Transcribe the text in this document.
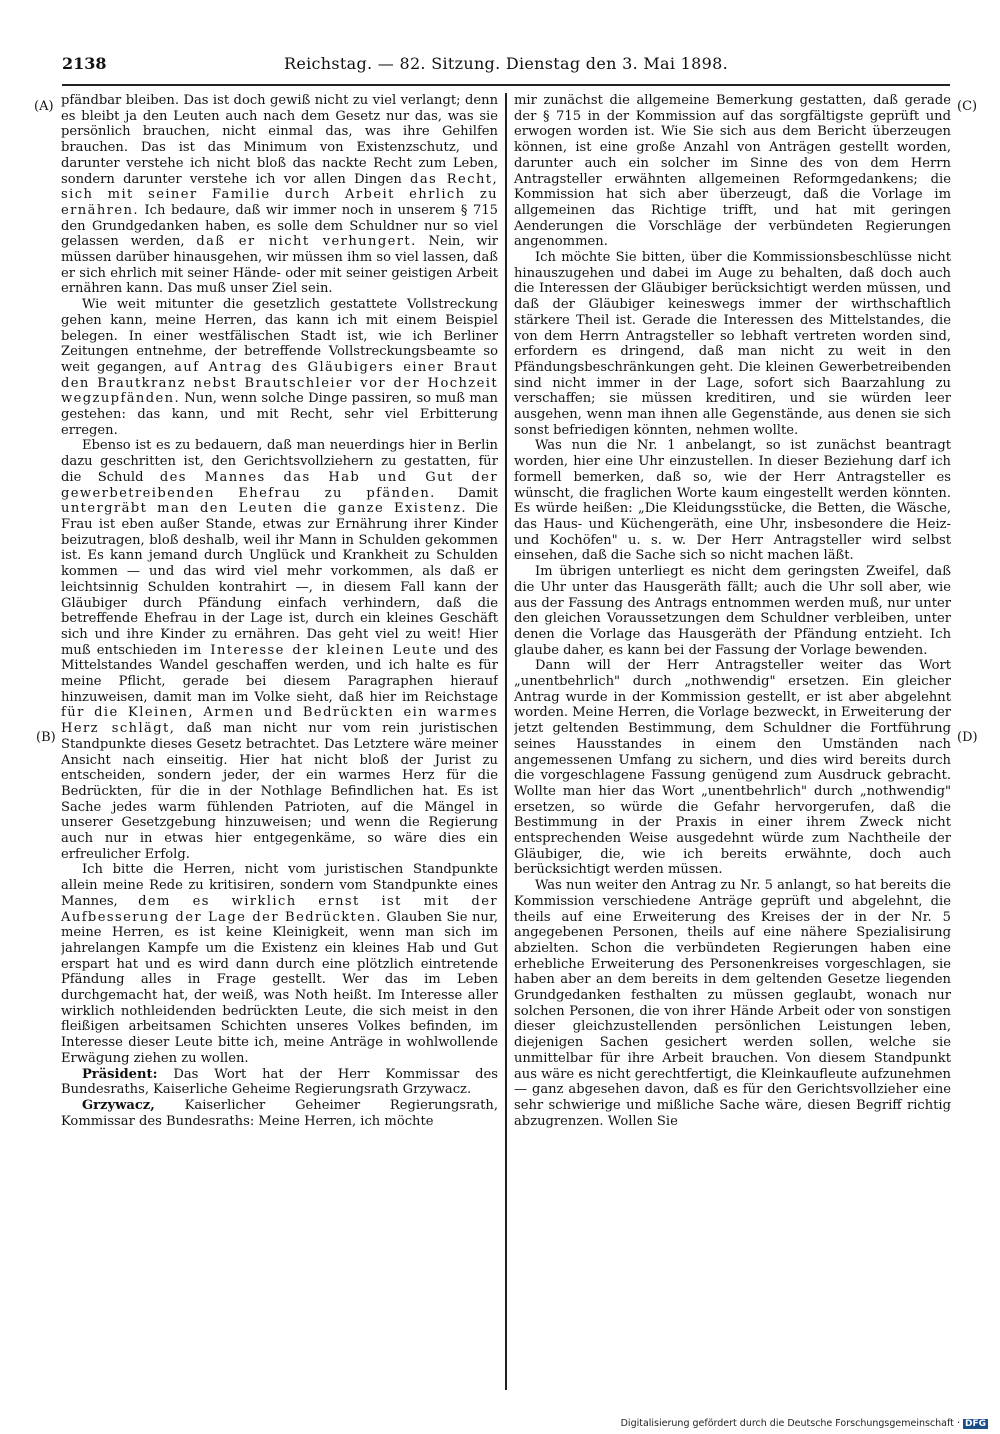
2138	Reichstag. — 82. Sitzung. Dienstag den 3. Mai 1898.
(A)
(B)
(C)
(D)

pfändbar bleiben. Das ist doch gewiß nicht zu viel verlangt; denn es bleibt ja den Leuten auch nach dem Gesetz nur das, was sie persönlich brauchen, nicht einmal das, was ihre Gehilfen brauchen. Das ist das Minimum von Existenzschutz, und darunter verstehe ich nicht bloß das nackte Recht zum Leben, sondern darunter verstehe ich vor allen Dingen das Recht, sich mit seiner Familie durch Arbeit ehrlich zu ernähren. Ich bedaure, daß wir immer noch in unserem § 715 den Grundgedanken haben, es solle dem Schuldner nur so viel gelassen werden, daß er nicht verhungert. Nein, wir müssen darüber hinausgehen, wir müssen ihm so viel lassen, daß er sich ehrlich mit seiner Hände- oder mit seiner geistigen Arbeit ernähren kann. Das muß unser Ziel sein.

Wie weit mitunter die gesetzlich gestattete Vollstreckung gehen kann, meine Herren, das kann ich mit einem Beispiel belegen. In einer westfälischen Stadt ist, wie ich Berliner Zeitungen entnehme, der betreffende Vollstreckungsbeamte so weit gegangen, auf Antrag des Gläubigers einer Braut den Brautkranz nebst Brautschleier vor der Hochzeit wegzupfänden. Nun, wenn solche Dinge passiren, so muß man gestehen: das kann, und mit Recht, sehr viel Erbitterung erregen.

Ebenso ist es zu bedauern, daß man neuerdings hier in Berlin dazu geschritten ist, den Gerichtsvollziehern zu gestatten, für die Schuld des Mannes das Hab und Gut der gewerbetreibenden Ehefrau zu pfänden. Damit untergräbt man den Leuten die ganze Existenz. Die Frau ist eben außer Stande, etwas zur Ernährung ihrer Kinder beizutragen, bloß deshalb, weil ihr Mann in Schulden gekommen ist. Es kann jemand durch Unglück und Krankheit zu Schulden kommen — und das wird viel mehr vorkommen, als daß er leichtsinnig Schulden kontrahirt —, in diesem Fall kann der Gläubiger durch Pfändung einfach verhindern, daß die betreffende Ehefrau in der Lage ist, durch ein kleines Geschäft sich und ihre Kinder zu ernähren. Das geht viel zu weit! Hier muß entschieden im Interesse der kleinen Leute und des Mittelstandes Wandel geschaffen werden, und ich halte es für meine Pflicht, gerade bei diesem Paragraphen hierauf hinzuweisen, damit man im Volke sieht, daß hier im Reichstage für die Kleinen, Armen und Bedrückten ein warmes Herz schlägt, daß man nicht nur vom rein juristischen Standpunkte dieses Gesetz betrachtet. Das Letztere wäre meiner Ansicht nach einseitig. Hier hat nicht bloß der Jurist zu entscheiden, sondern jeder, der ein warmes Herz für die Bedrückten, für die in der Nothlage Befindlichen hat. Es ist Sache jedes warm fühlenden Patrioten, auf die Mängel in unserer Gesetzgebung hinzuweisen; und wenn die Regierung auch nur in etwas hier entgegenkäme, so wäre dies ein erfreulicher Erfolg.

Ich bitte die Herren, nicht vom juristischen Standpunkte allein meine Rede zu kritisiren, sondern vom Standpunkte eines Mannes, dem es wirklich ernst ist mit der Aufbesserung der Lage der Bedrückten. Glauben Sie nur, meine Herren, es ist keine Kleinigkeit, wenn man sich im jahrelangen Kampfe um die Existenz ein kleines Hab und Gut erspart hat und es wird dann durch eine plötzlich eintretende Pfändung alles in Frage gestellt. Wer das im Leben durchgemacht hat, der weiß, was Noth heißt. Im Interesse aller wirklich nothleidenden bedrückten Leute, die sich meist in den fleißigen arbeitsamen Schichten unseres Volkes befinden, im Interesse dieser Leute bitte ich, meine Anträge in wohlwollende Erwägung ziehen zu wollen.

Präsident: Das Wort hat der Herr Kommissar des Bundesraths, Kaiserliche Geheime Regierungsrath Grzywacz.

Grzywacz, Kaiserlicher Geheimer Regierungsrath, Kommissar des Bundesraths: Meine Herren, ich möchte

mir zunächst die allgemeine Bemerkung gestatten, daß gerade der § 715 in der Kommission auf das sorgfältigste geprüft und erwogen worden ist. Wie Sie sich aus dem Bericht überzeugen können, ist eine große Anzahl von Anträgen gestellt worden, darunter auch ein solcher im Sinne des von dem Herrn Antragsteller erwähnten allgemeinen Reformgedankens; die Kommission hat sich aber überzeugt, daß die Vorlage im allgemeinen das Richtige trifft, und hat mit geringen Aenderungen die Vorschläge der verbündeten Regierungen angenommen.

Ich möchte Sie bitten, über die Kommissionsbeschlüsse nicht hinauszugehen und dabei im Auge zu behalten, daß doch auch die Interessen der Gläubiger berücksichtigt werden müssen, und daß der Gläubiger keineswegs immer der wirthschaftlich stärkere Theil ist. Gerade die Interessen des Mittelstandes, die von dem Herrn Antragsteller so lebhaft vertreten worden sind, erfordern es dringend, daß man nicht zu weit in den Pfändungsbeschränkungen geht. Die kleinen Gewerbetreibenden sind nicht immer in der Lage, sofort sich Baarzahlung zu verschaffen; sie müssen kreditiren, und sie würden leer ausgehen, wenn man ihnen alle Gegenstände, aus denen sie sich sonst befriedigen könnten, nehmen wollte.

Was nun die Nr. 1 anbelangt, so ist zunächst beantragt worden, hier eine Uhr einzustellen. In dieser Beziehung darf ich formell bemerken, daß so, wie der Herr Antragsteller es wünscht, die fraglichen Worte kaum eingestellt werden könnten. Es würde heißen: „Die Kleidungsstücke, die Betten, die Wäsche, das Haus- und Küchengeräth, eine Uhr, insbesondere die Heiz- und Kochöfen" u. s. w. Der Herr Antragsteller wird selbst einsehen, daß die Sache sich so nicht machen läßt.

Im übrigen unterliegt es nicht dem geringsten Zweifel, daß die Uhr unter das Hausgeräth fällt; auch die Uhr soll aber, wie aus der Fassung des Antrags entnommen werden muß, nur unter den gleichen Voraussetzungen dem Schuldner verbleiben, unter denen die Vorlage das Hausgeräth der Pfändung entzieht. Ich glaube daher, es kann bei der Fassung der Vorlage bewenden.

Dann will der Herr Antragsteller weiter das Wort „unentbehrlich" durch „nothwendig" ersetzen. Ein gleicher Antrag wurde in der Kommission gestellt, er ist aber abgelehnt worden. Meine Herren, die Vorlage bezweckt, in Erweiterung der jetzt geltenden Bestimmung, dem Schuldner die Fortführung seines Hausstandes in einem den Umständen nach angemessenen Umfang zu sichern, und dies wird bereits durch die vorgeschlagene Fassung genügend zum Ausdruck gebracht. Wollte man hier das Wort „unentbehrlich" durch „nothwendig" ersetzen, so würde die Gefahr hervorgerufen, daß die Bestimmung in der Praxis in einer ihrem Zweck nicht entsprechenden Weise ausgedehnt würde zum Nachtheile der Gläubiger, die, wie ich bereits erwähnte, doch auch berücksichtigt werden müssen.

Was nun weiter den Antrag zu Nr. 5 anlangt, so hat bereits die Kommission verschiedene Anträge geprüft und abgelehnt, die theils auf eine Erweiterung des Kreises der in der Nr. 5 angegebenen Personen, theils auf eine nähere Spezialisirung abzielten. Schon die verbündeten Regierungen haben eine erhebliche Erweiterung des Personenkreises vorgeschlagen, sie haben aber an dem bereits in dem geltenden Gesetze liegenden Grundgedanken festhalten zu müssen geglaubt, wonach nur solchen Personen, die von ihrer Hände Arbeit oder von sonstigen dieser gleichzustellenden persönlichen Leistungen leben, diejenigen Sachen gesichert werden sollen, welche sie unmittelbar für ihre Arbeit brauchen. Von diesem Standpunkt aus wäre es nicht gerechtfertigt, die Kleinkaufleute aufzunehmen — ganz abgesehen davon, daß es für den Gerichtsvollzieher eine sehr schwierige und mißliche Sache wäre, diesen Begriff richtig abzugrenzen. Wollen Sie

Digitalisierung gefördert durch die Deutsche Forschungsgemeinschaft · DFG
